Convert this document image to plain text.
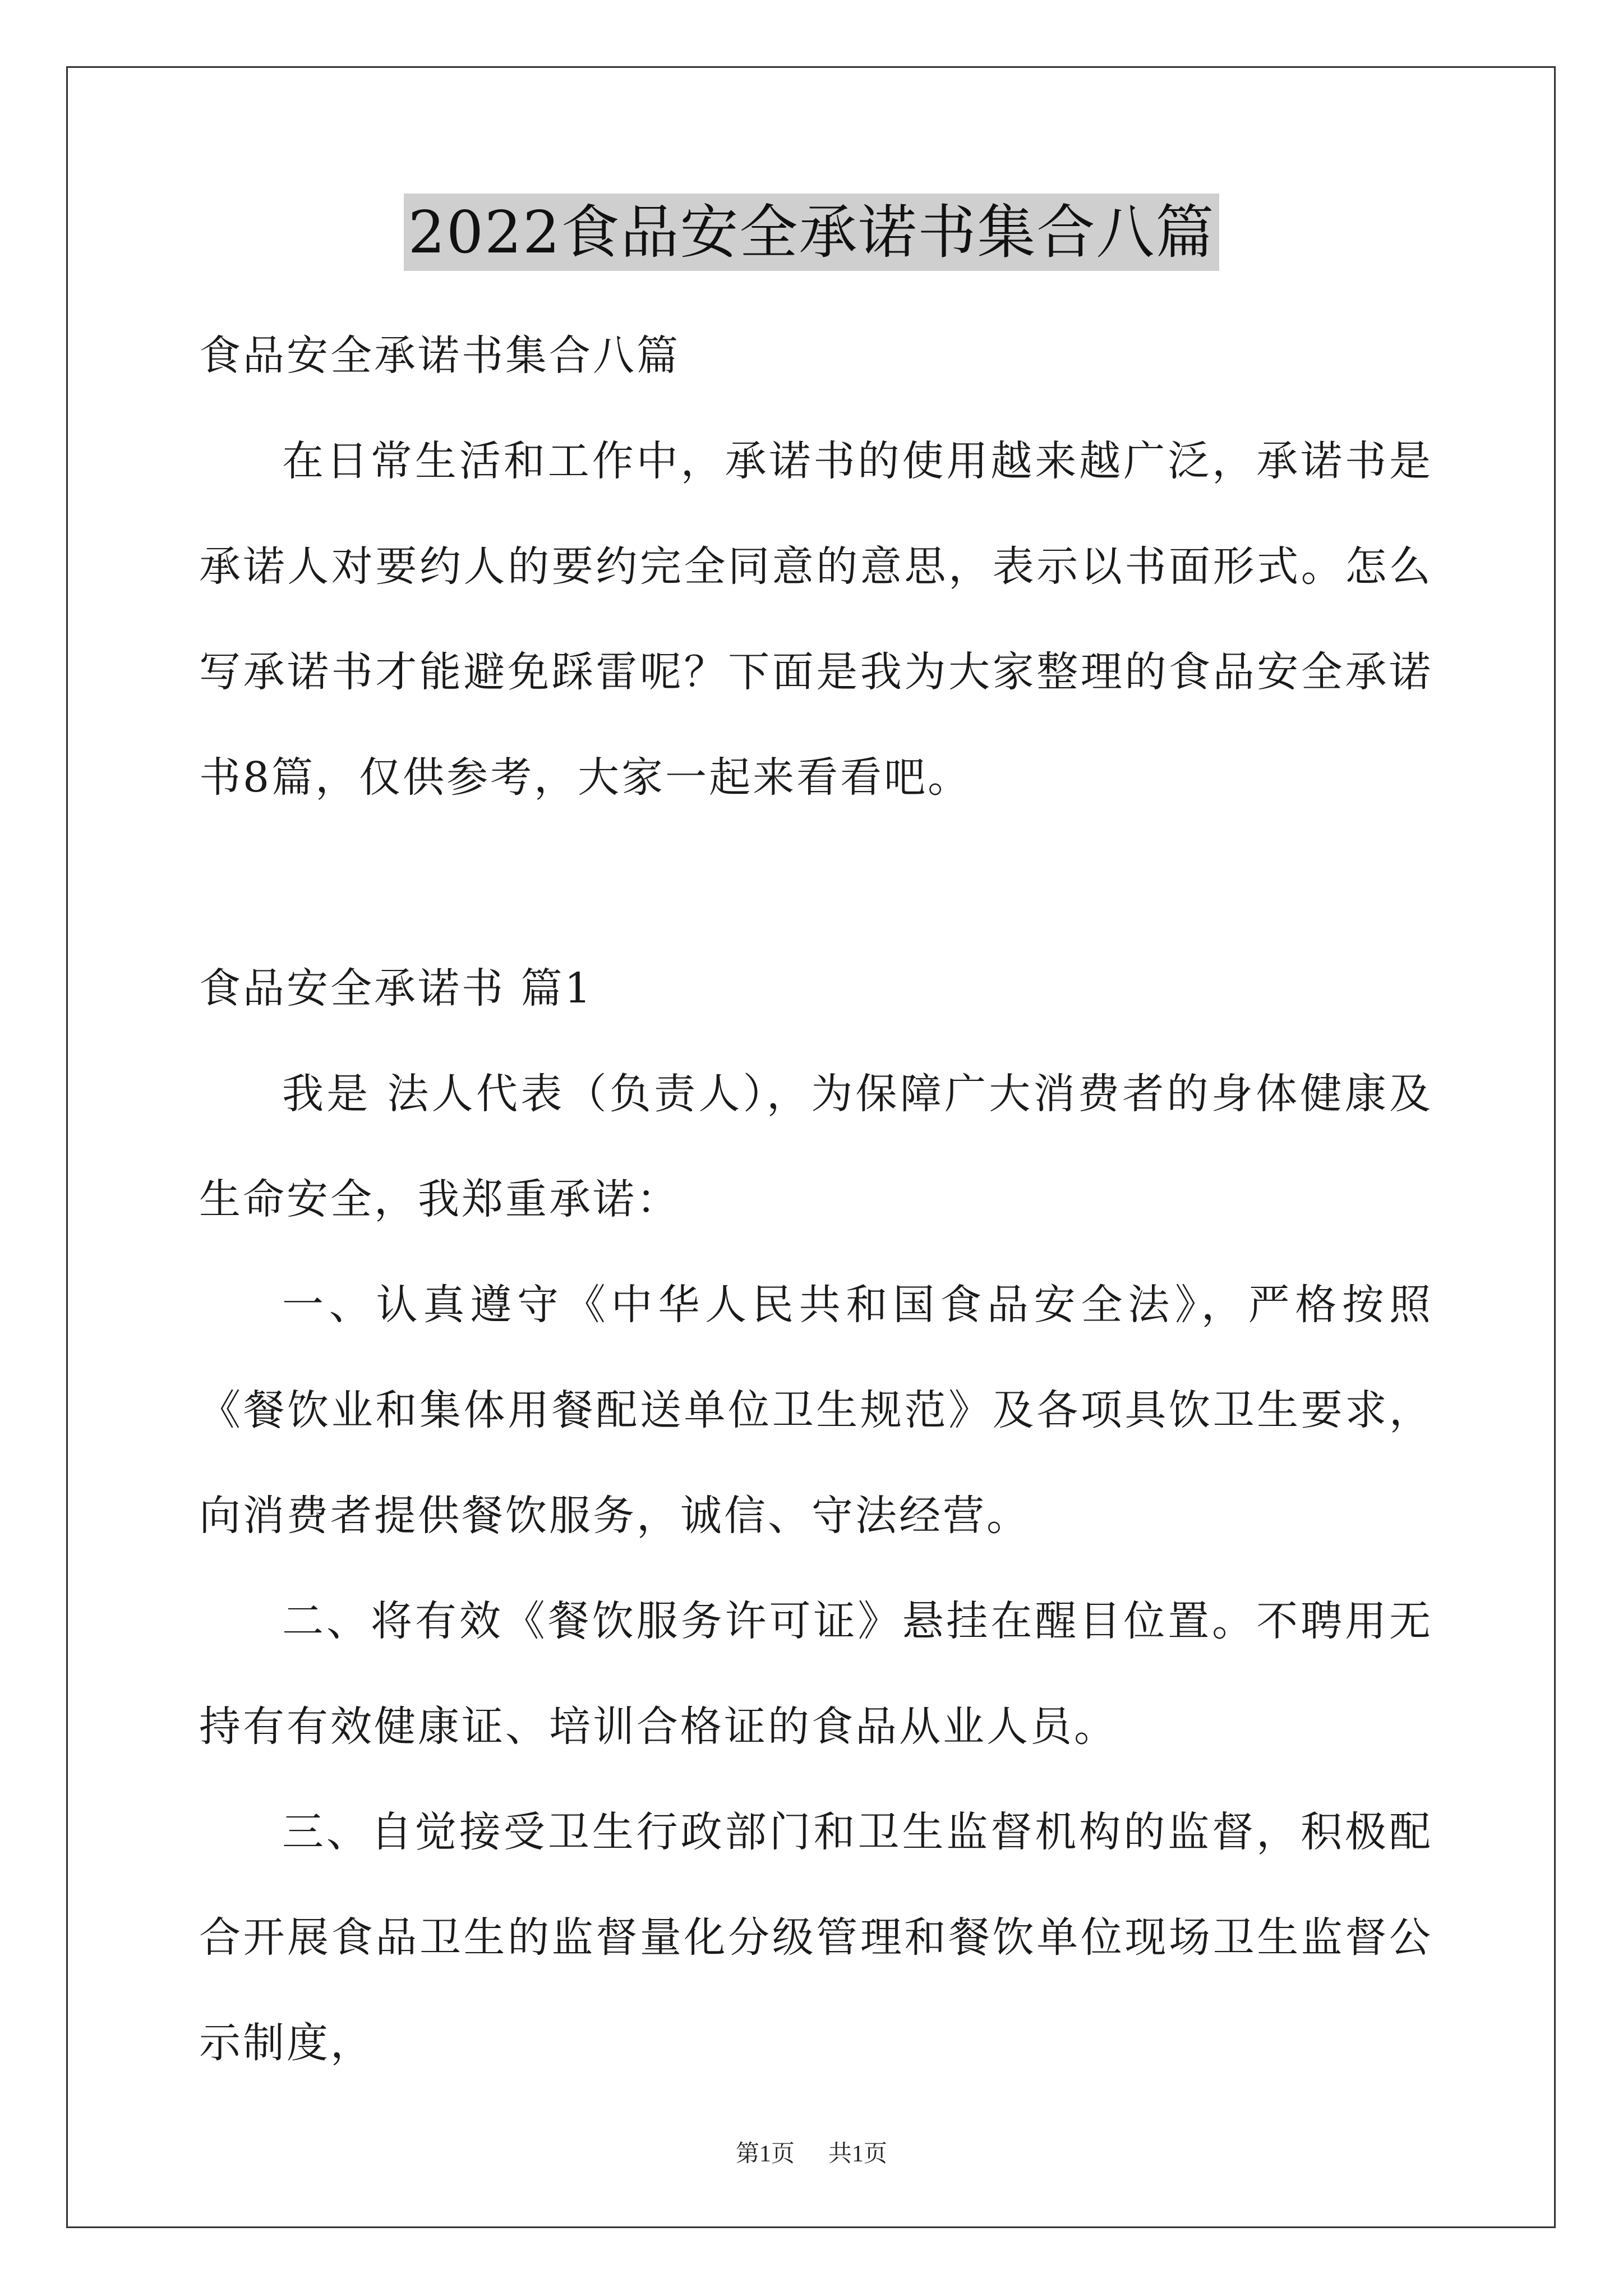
2022食品安全承诺书集合八篇

食品安全承诺书集合八篇

在日常生活和工作中，承诺书的使用越来越广泛，承诺书是承诺人对要约人的要约完全同意的意思，表示以书面形式。怎么写承诺书才能避免踩雷呢？下面是我为大家整理的食品安全承诺书8篇，仅供参考，大家一起来看看吧。

食品安全承诺书 篇1

我是 法人代表（负责人），为保障广大消费者的身体健康及生命安全，我郑重承诺：

一、认真遵守《中华人民共和国食品安全法》，严格按照《餐饮业和集体用餐配送单位卫生规范》及各项具饮卫生要求，向消费者提供餐饮服务，诚信、守法经营。

二、将有效《餐饮服务许可证》悬挂在醒目位置。不聘用无持有有效健康证、培训合格证的食品从业人员。

三、自觉接受卫生行政部门和卫生监督机构的监督，积极配合开展食品卫生的监督量化分级管理和餐饮单位现场卫生监督公示制度，

第1页 共1页
